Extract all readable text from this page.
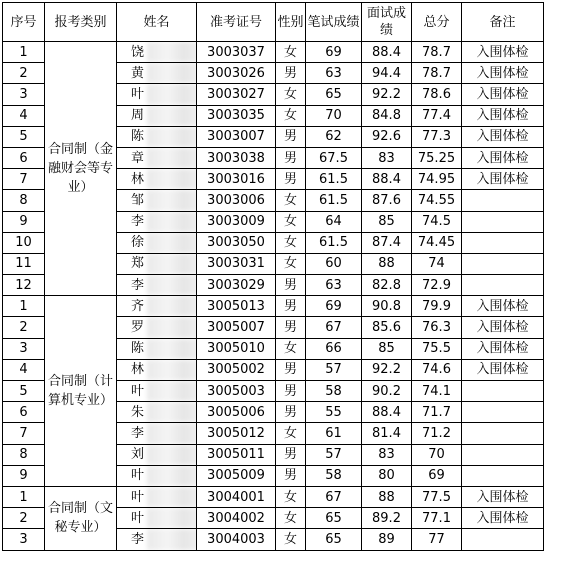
序号	报考类别	姓名	准考证号	性别	笔试成绩	面试成绩	总分	备注
1	合同制（金融财会等专业）	饶	3003037	女	69	88.4	78.7	入围体检
2		黄	3003026	男	63	94.4	78.7	入围体检
3		叶	3003027	女	65	92.2	78.6	入围体检
4		周	3003035	女	70	84.8	77.4	入围体检
5		陈	3003007	男	62	92.6	77.3	入围体检
6		章	3003038	男	67.5	83	75.25	入围体检
7		林	3003016	男	61.5	88.4	74.95	入围体检
8		邹	3003006	女	61.5	87.6	74.55	
9		李	3003009	女	64	85	74.5	
10		徐	3003050	女	61.5	87.4	74.45	
11		郑	3003031	女	60	88	74	
12		李	3003029	男	63	82.8	72.9	
1	合同制（计算机专业）	齐	3005013	男	69	90.8	79.9	入围体检
2		罗	3005007	男	67	85.6	76.3	入围体检
3		陈	3005010	女	66	85	75.5	入围体检
4		林	3005002	男	57	92.2	74.6	入围体检
5		叶	3005003	男	58	90.2	74.1	
6		朱	3005006	男	55	88.4	71.7	
7		李	3005012	女	61	81.4	71.2	
8		刘	3005011	男	57	83	70	
9		叶	3005009	男	58	80	69	
1	合同制（文秘专业）	叶	3004001	女	67	88	77.5	入围体检
2		叶	3004002	女	65	89.2	77.1	入围体检
3		李	3004003	女	65	89	77	
